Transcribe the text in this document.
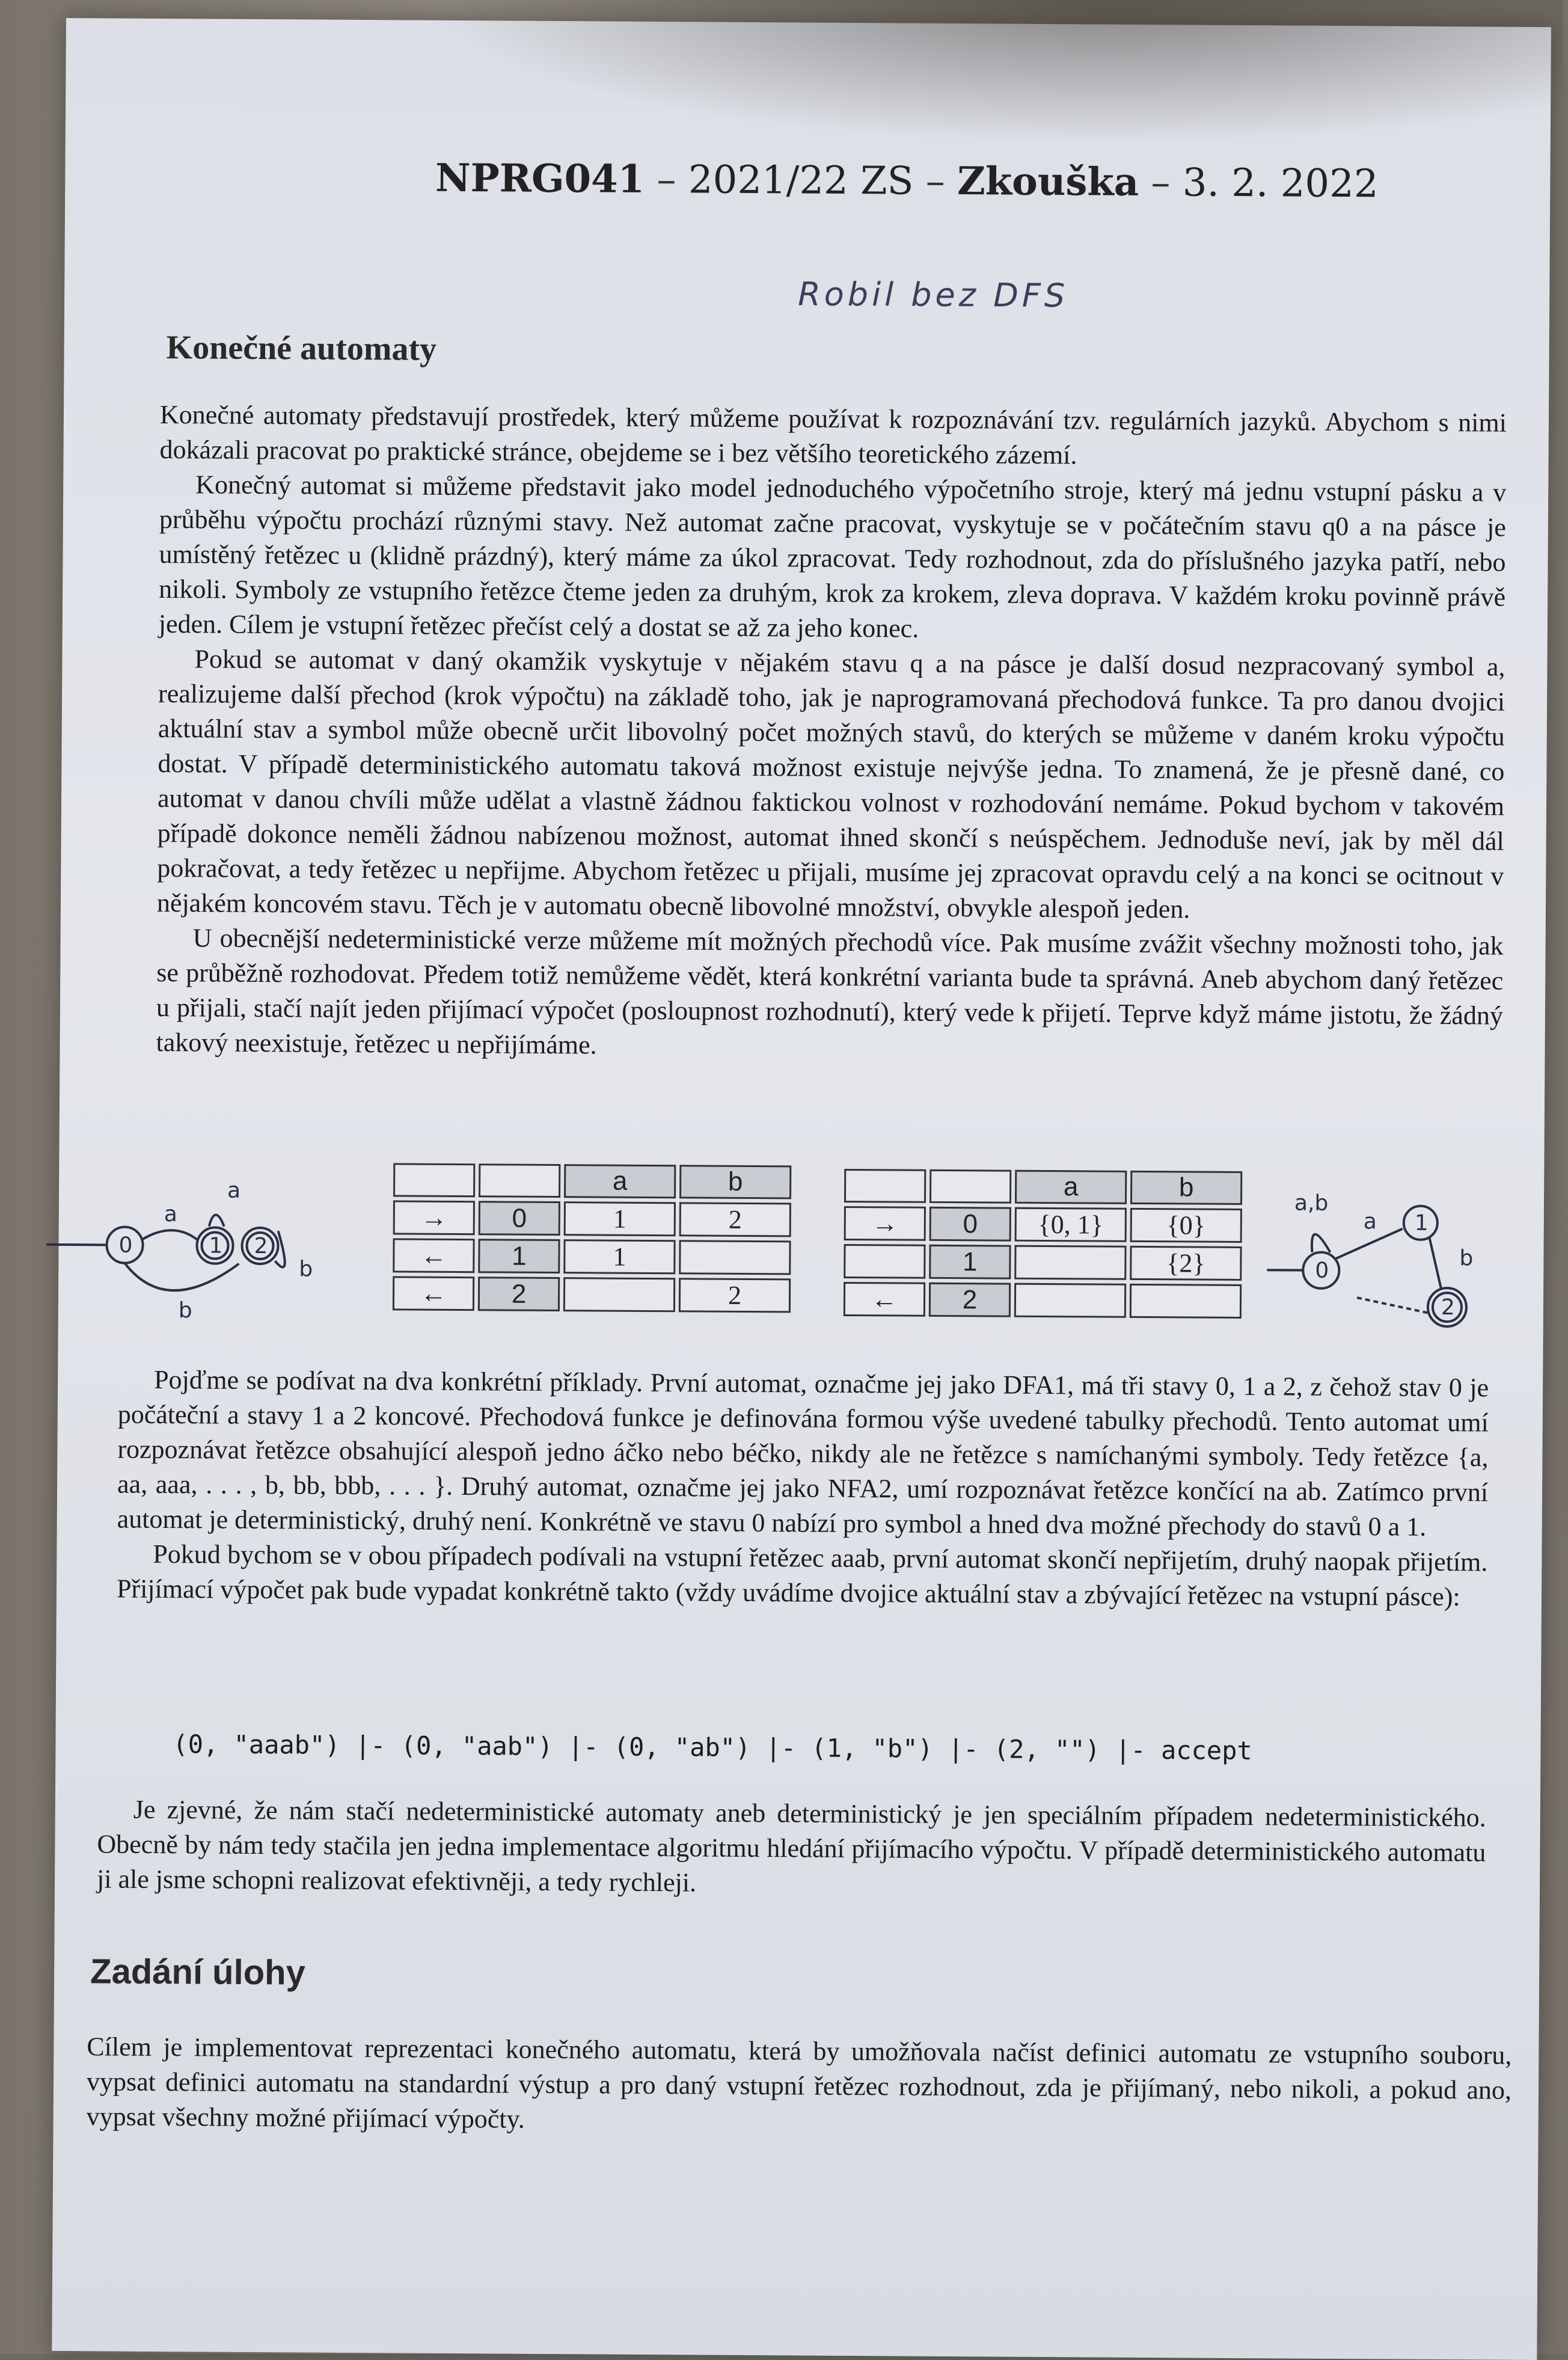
NPRG041 – 2021/22 ZS – Zkouška – 3. 2. 2022
Robil bez DFS
Konečné automaty

Konečné automaty představují prostředek, který můžeme používat k rozpoznávání tzv. regulárních jazyků. Abychom s nimi dokázali pracovat po praktické stránce, obejdeme se i bez většího teoretického zázemí.

Konečný automat si můžeme představit jako model jednoduchého výpočetního stroje, který má jednu vstupní pásku a v průběhu výpočtu prochází různými stavy. Než automat začne pracovat, vyskytuje se v počátečním stavu q0 a na pásce je umístěný řetězec u (klidně prázdný), který máme za úkol zpracovat. Tedy rozhodnout, zda do příslušného jazyka patří, nebo nikoli. Symboly ze vstupního řetězce čteme jeden za druhým, krok za krokem, zleva doprava. V každém kroku povinně právě jeden. Cílem je vstupní řetězec přečíst celý a dostat se až za jeho konec.

Pokud se automat v daný okamžik vyskytuje v nějakém stavu q a na pásce je další dosud nezpracovaný symbol a, realizujeme další přechod (krok výpočtu) na základě toho, jak je naprogramovaná přechodová funkce. Ta pro danou dvojici aktuální stav a symbol může obecně určit libovolný počet možných stavů, do kterých se můžeme v daném kroku výpočtu dostat. V případě deterministického automatu taková možnost existuje nejvýše jedna. To znamená, že je přesně dané, co automat v danou chvíli může udělat a vlastně žádnou faktickou volnost v rozhodování nemáme. Pokud bychom v takovém případě dokonce neměli žádnou nabízenou možnost, automat ihned skončí s neúspěchem. Jednoduše neví, jak by měl dál pokračovat, a tedy řetězec u nepřijme. Abychom řetězec u přijali, musíme jej zpracovat opravdu celý a na konci se ocitnout v nějakém koncovém stavu. Těch je v automatu obecně libovolné množství, obvykle alespoň jeden.

U obecnější nedeterministické verze můžeme mít možných přechodů více. Pak musíme zvážit všechny možnosti toho, jak se průběžně rozhodovat. Předem totiž nemůžeme vědět, která konkrétní varianta bude ta správná. Aneb abychom daný řetězec u přijali, stačí najít jeden přijímací výpočet (posloupnost rozhodnutí), který vede k přijetí. Teprve když máme jistotu, že žádný takový neexistuje, řetězec u nepřijímáme.

0	1 2
a
a
b
b
		a	b
→	0	1	2
←	1	1	
←	2		2
		a	b
→	0	{0, 1}	{0}
	1		{2}
←	2		
0
1
2
a,b
a
b

Pojďme se podívat na dva konkrétní příklady. První automat, označme jej jako DFA1, má tři stavy 0, 1 a 2, z čehož stav 0 je počáteční a stavy 1 a 2 koncové. Přechodová funkce je definována formou výše uvedené tabulky přechodů. Tento automat umí rozpoznávat řetězce obsahující alespoň jedno áčko nebo béčko, nikdy ale ne řetězce s namíchanými symboly. Tedy řetězce {a, aa, aaa, . . . , b, bb, bbb, . . . }. Druhý automat, označme jej jako NFA2, umí rozpoznávat řetězce končící na ab. Zatímco první automat je deterministický, druhý není. Konkrétně ve stavu 0 nabízí pro symbol a hned dva možné přechody do stavů 0 a 1.

Pokud bychom se v obou případech podívali na vstupní řetězec aaab, první automat skončí nepřijetím, druhý naopak přijetím. Přijímací výpočet pak bude vypadat konkrétně takto (vždy uvádíme dvojice aktuální stav a zbývající řetězec na vstupní pásce):

(0, "aaab") |- (0, "aab") |- (0, "ab") |- (1, "b") |- (2, "") |- accept

Je zjevné, že nám stačí nedeterministické automaty aneb deterministický je jen speciálním případem nedeterministického. Obecně by nám tedy stačila jen jedna implementace algoritmu hledání přijímacího výpočtu. V případě deterministického automatu ji ale jsme schopni realizovat efektivněji, a tedy rychleji.

Zadání úlohy

Cílem je implementovat reprezentaci konečného automatu, která by umožňovala načíst definici automatu ze vstupního souboru, vypsat definici automatu na standardní výstup a pro daný vstupní řetězec rozhodnout, zda je přijímaný, nebo nikoli, a pokud ano, vypsat všechny možné přijímací výpočty.
